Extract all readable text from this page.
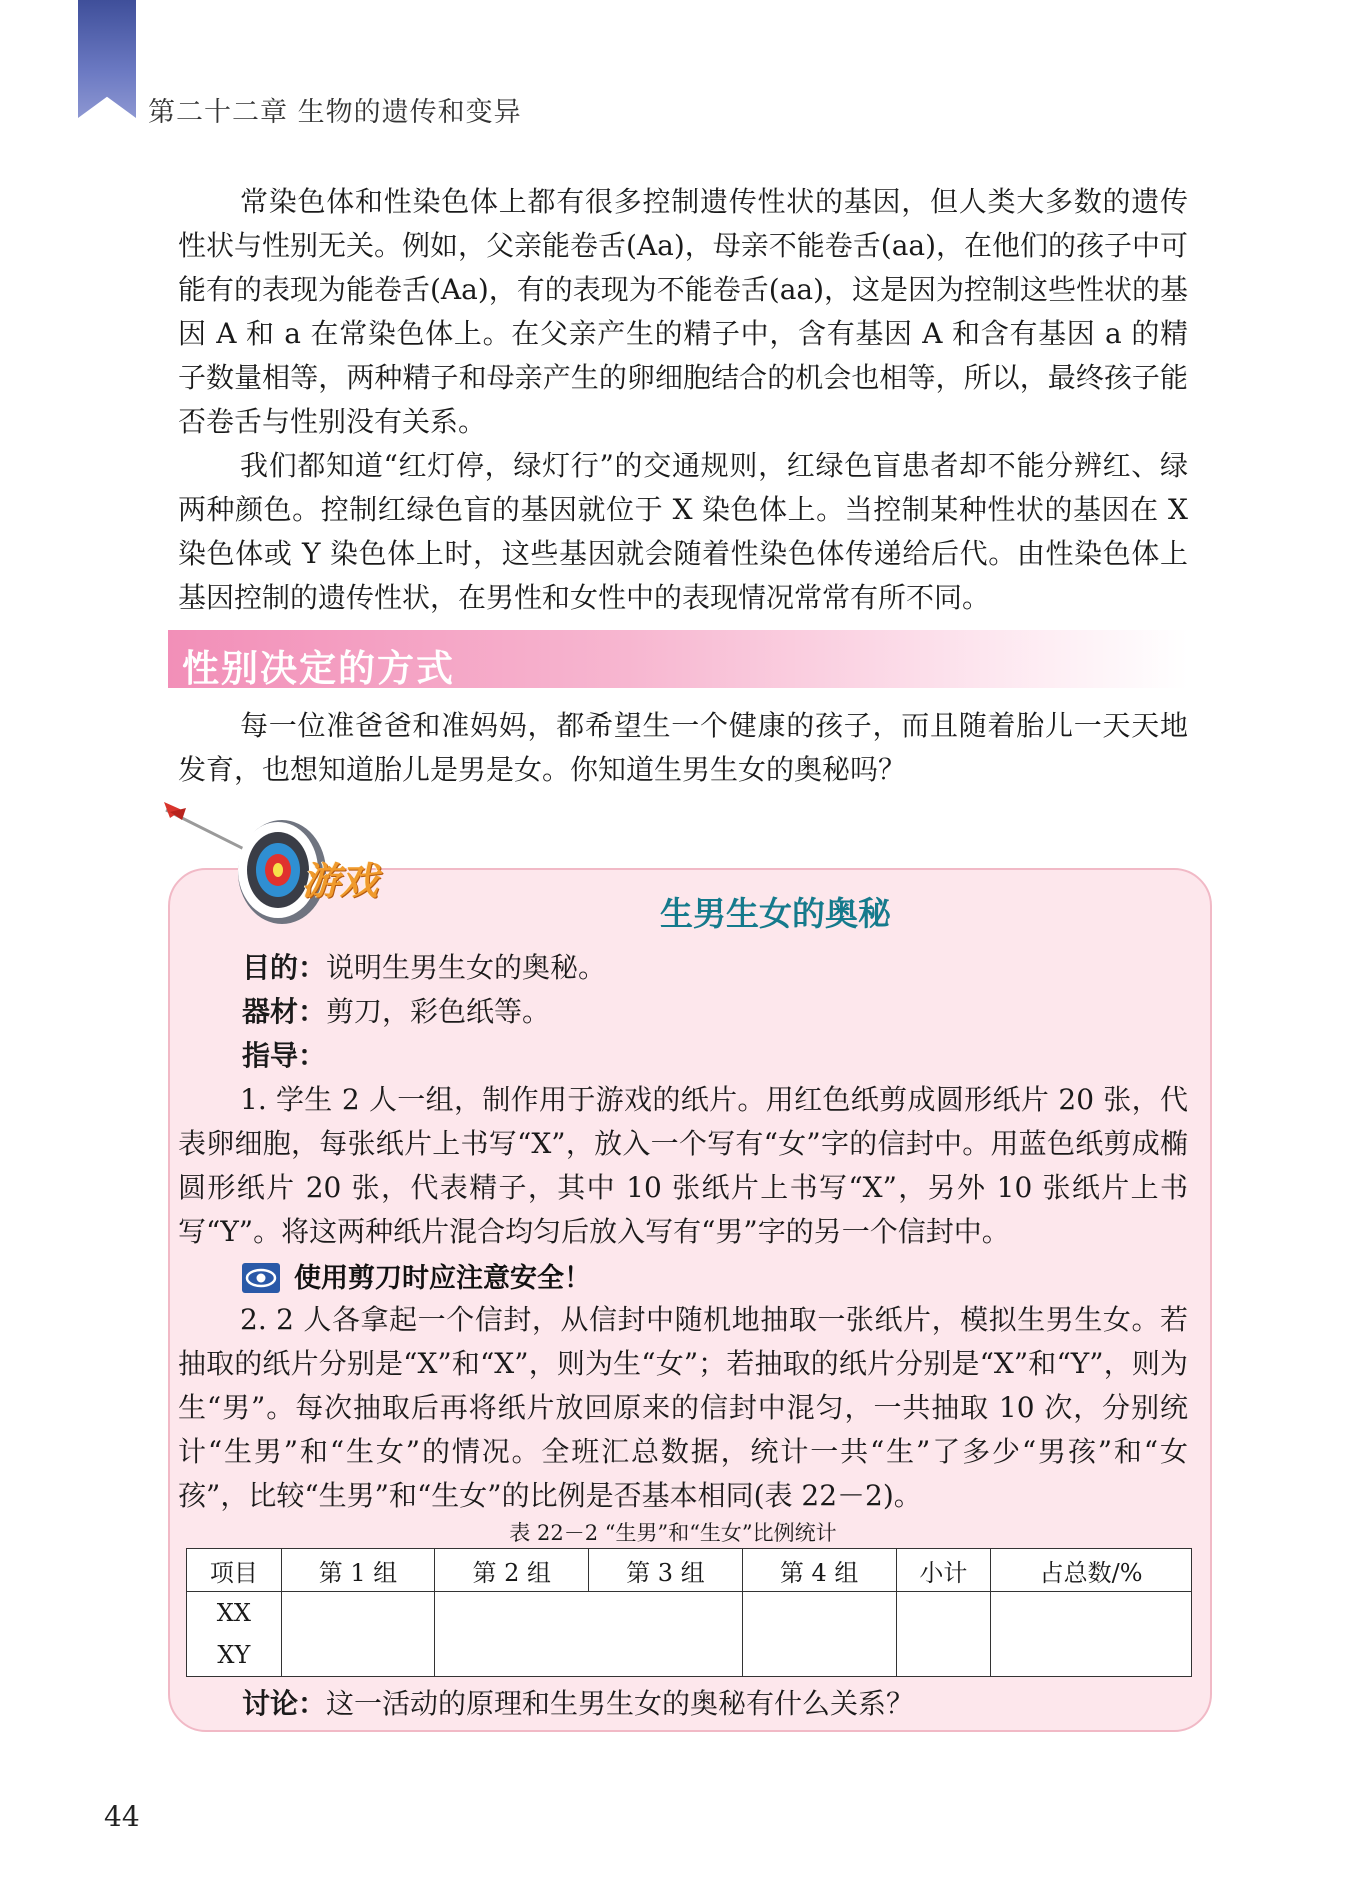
第二十二章 生物的遗传和变异

常染色体和性染色体上都有很多控制遗传性状的基因，但人类大多数的遗传性状与性别无关。例如，父亲能卷舌(Aa)，母亲不能卷舌(aa)，在他们的孩子中可能有的表现为能卷舌(Aa)，有的表现为不能卷舌(aa)，这是因为控制这些性状的基因 A 和 a 在常染色体上。在父亲产生的精子中，含有基因 A 和含有基因 a 的精子数量相等，两种精子和母亲产生的卵细胞结合的机会也相等，所以，最终孩子能否卷舌与性别没有关系。

我们都知道“红灯停，绿灯行”的交通规则，红绿色盲患者却不能分辨红、绿两种颜色。控制红绿色盲的基因就位于 X 染色体上。当控制某种性状的基因在 X 染色体或 Y 染色体上时，这些基因就会随着性染色体传递给后代。由性染色体上基因控制的遗传性状，在男性和女性中的表现情况常常有所不同。

性别决定的方式

每一位准爸爸和准妈妈，都希望生一个健康的孩子，而且随着胎儿一天天地发育，也想知道胎儿是男是女。你知道生男生女的奥秘吗？

游戏
生男生女的奥秘

目的：说明生男生女的奥秘。

器材：剪刀，彩色纸等。

指导：

1. 学生 2 人一组，制作用于游戏的纸片。用红色纸剪成圆形纸片 20 张，代表卵细胞，每张纸片上书写“X”，放入一个写有“女”字的信封中。用蓝色纸剪成椭圆形纸片 20 张，代表精子，其中 10 张纸片上书写“X”，另外 10 张纸片上书写“Y”。将这两种纸片混合均匀后放入写有“男”字的另一个信封中。

使用剪刀时应注意安全！

2. 2 人各拿起一个信封，从信封中随机地抽取一张纸片，模拟生男生女。若抽取的纸片分别是“X”和“X”，则为生“女”；若抽取的纸片分别是“X”和“Y”，则为生“男”。每次抽取后再将纸片放回原来的信封中混匀，一共抽取 10 次，分别统计“生男”和“生女”的情况。全班汇总数据，统计一共“生”了多少“男孩”和“女孩”，比较“生男”和“生女”的比例是否基本相同(表 22－2)。

表 22－2 “生男”和“生女”比例统计
项目	第 1 组	第 2 组	第 3 组	第 4 组	小计	占总数/%
XX						
XY						

讨论：这一活动的原理和生男生女的奥秘有什么关系？

44
